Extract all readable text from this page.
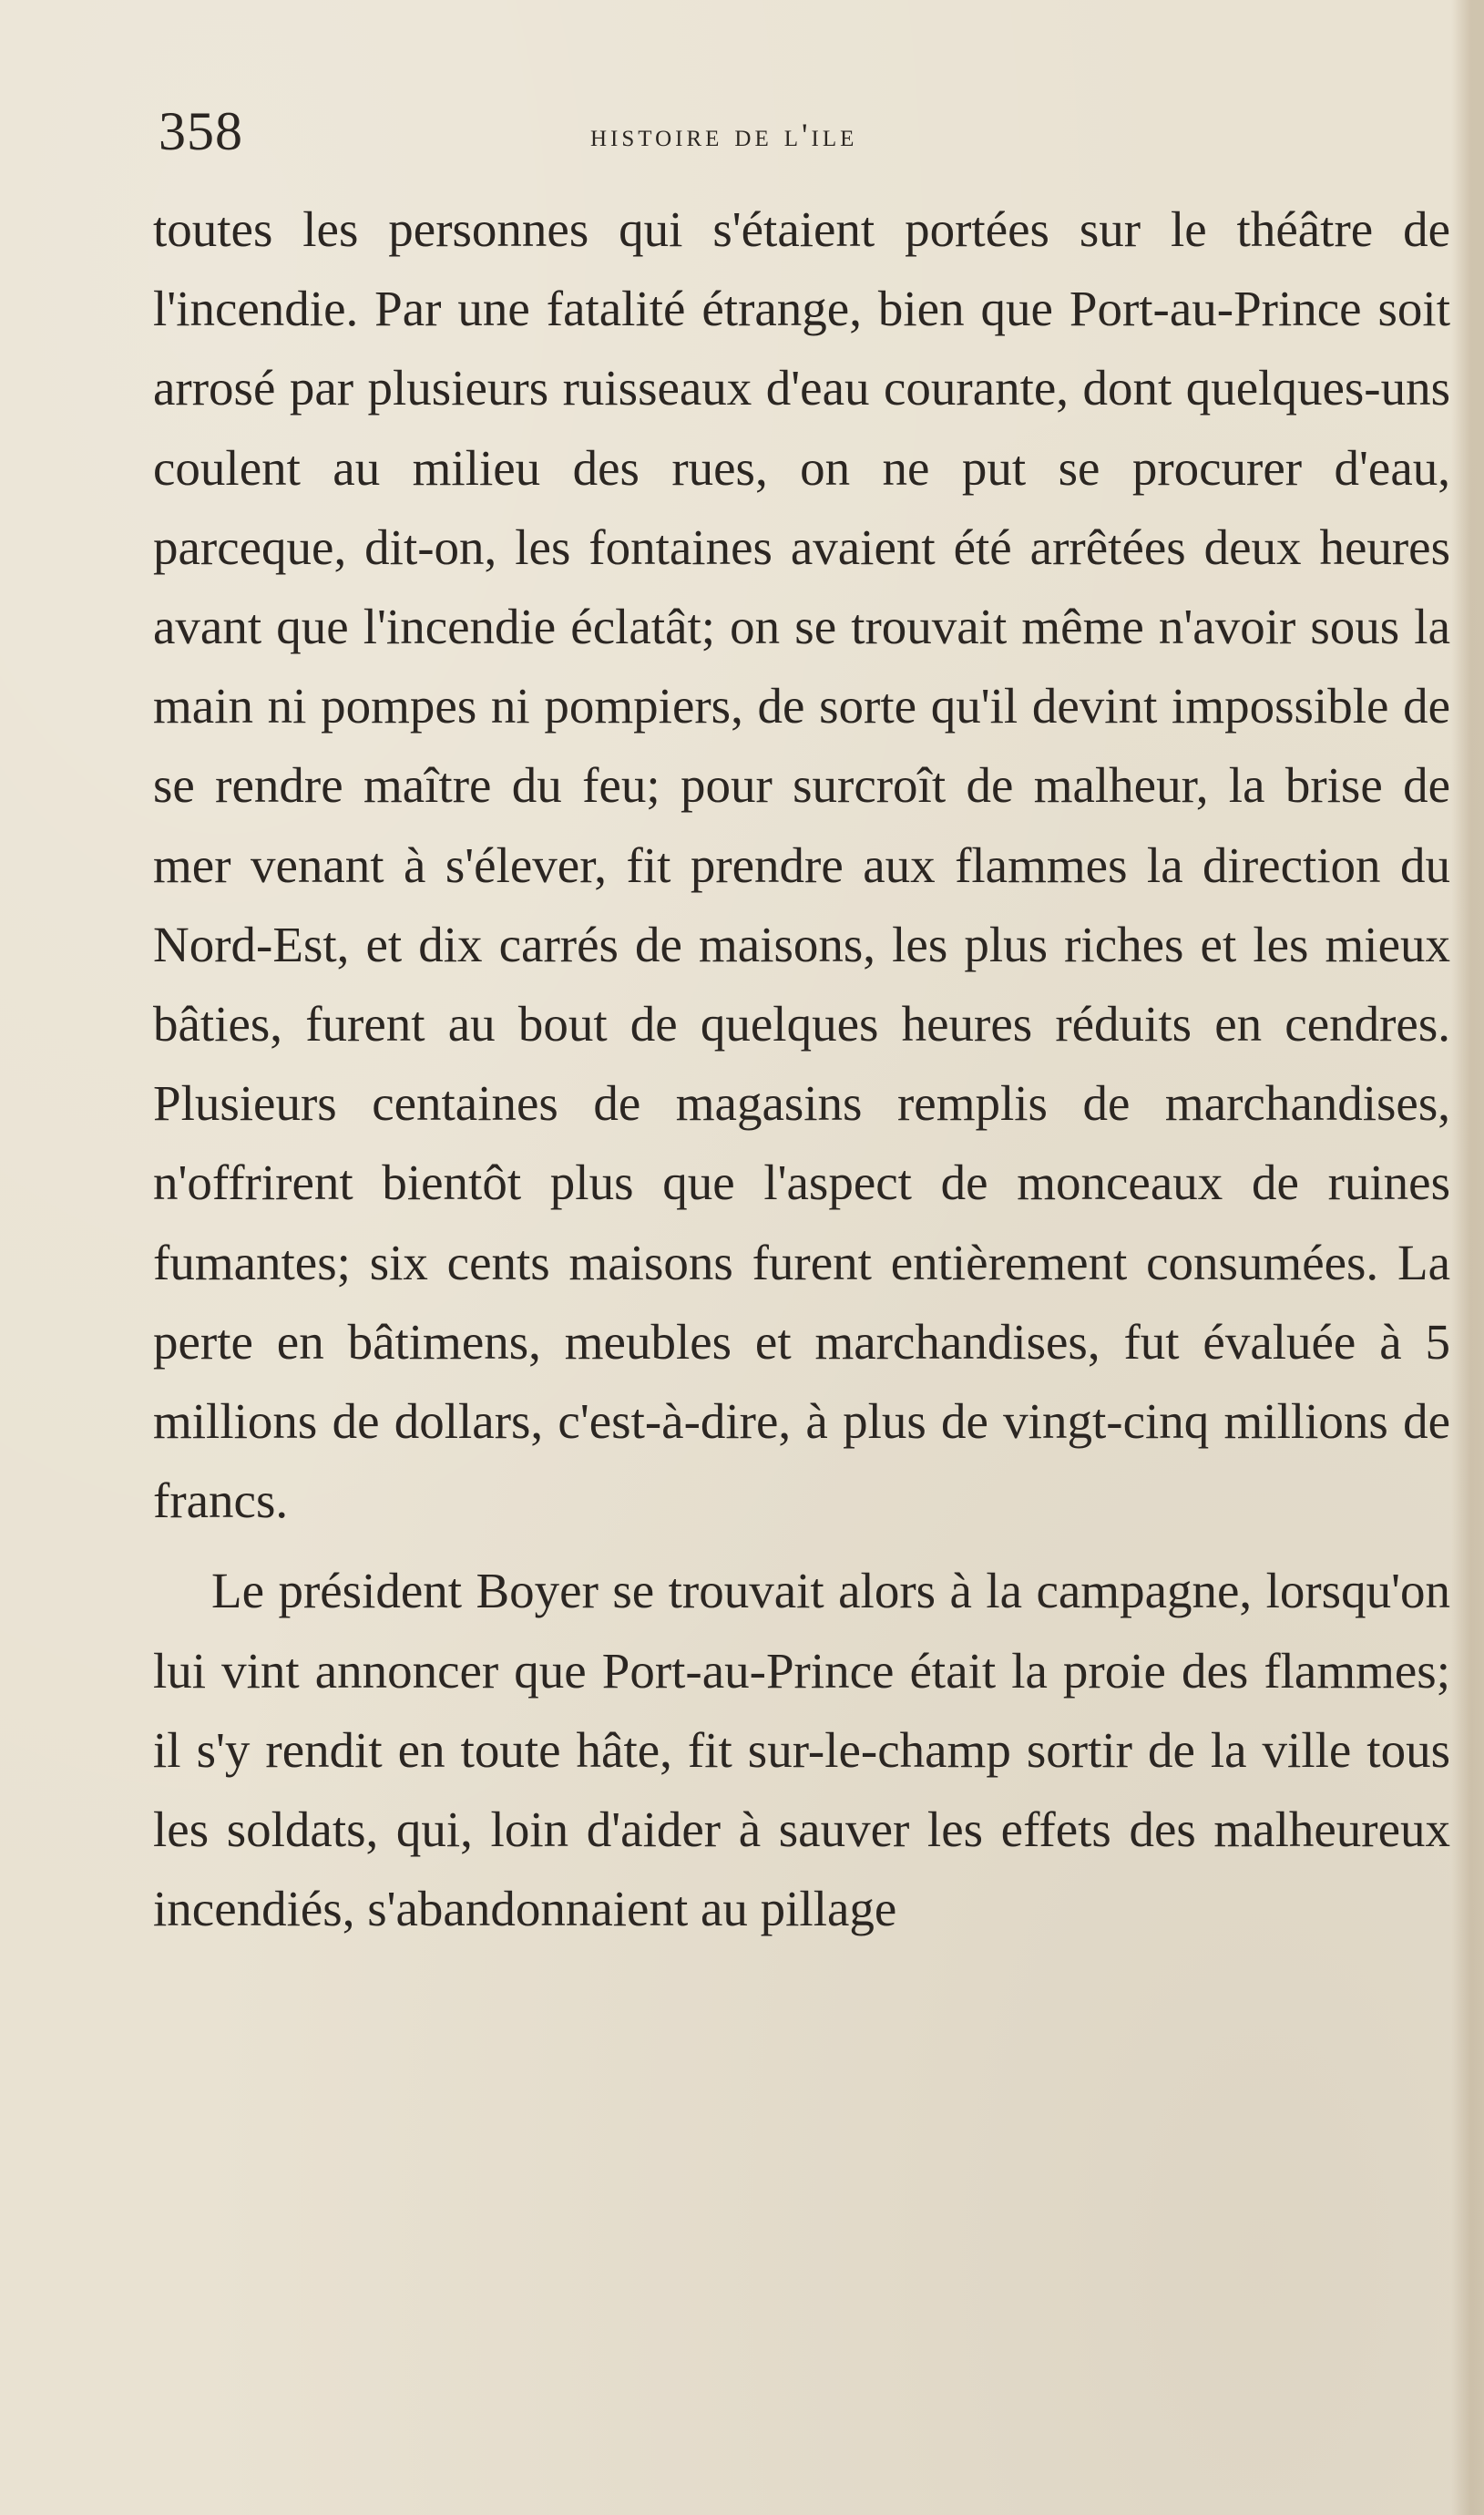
358	histoire de l'ile

toutes les personnes qui s'étaient portées sur le théâtre de l'incendie. Par une fatalité étrange, bien que Port-au-Prince soit arrosé par plusieurs ruisseaux d'eau courante, dont quelques-uns coulent au milieu des rues, on ne put se procurer d'eau, parceque, dit-on, les fontaines avaient été arrêtées deux heures avant que l'incendie éclatât; on se trouvait même n'avoir sous la main ni pompes ni pompiers, de sorte qu'il devint impossible de se rendre maître du feu; pour surcroît de malheur, la brise de mer venant à s'élever, fit prendre aux flammes la direction du Nord-Est, et dix carrés de maisons, les plus riches et les mieux bâties, furent au bout de quelques heures réduits en cendres. Plusieurs centaines de magasins remplis de marchandises, n'offrirent bientôt plus que l'aspect de monceaux de ruines fumantes; six cents maisons furent entièrement consumées. La perte en bâtimens, meubles et marchandises, fut évaluée à 5 millions de dollars, c'est-à-dire, à plus de vingt-cinq millions de francs.

Le président Boyer se trouvait alors à la campagne, lorsqu'on lui vint annoncer que Port-au-Prince était la proie des flammes; il s'y rendit en toute hâte, fit sur-le-champ sortir de la ville tous les soldats, qui, loin d'aider à sauver les effets des malheureux incendiés, s'abandonnaient au pillage
